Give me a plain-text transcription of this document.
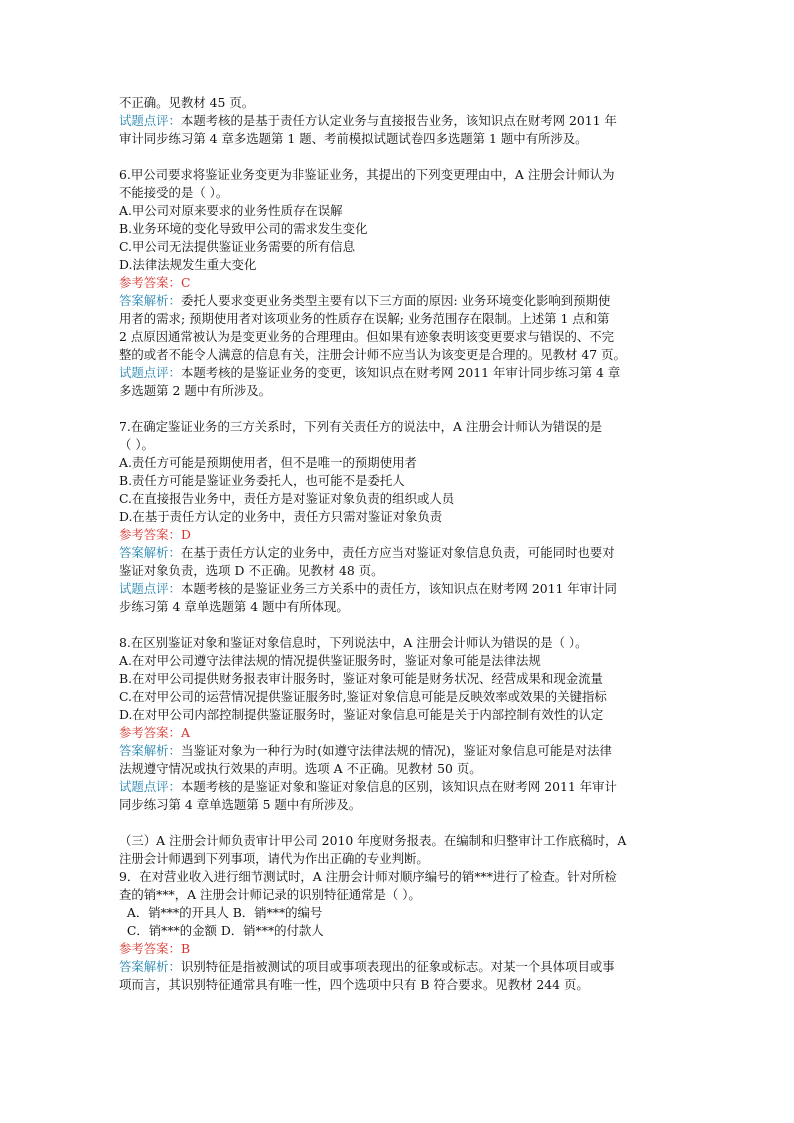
不正确。见教材 45 页。
试题点评：本题考核的是基于责任方认定业务与直接报告业务，该知识点在财考网 2011 年
审计同步练习第 4 章多选题第 1 题、考前模拟试题试卷四多选题第 1 题中有所涉及。
6.甲公司要求将鉴证业务变更为非鉴证业务，其提出的下列变更理由中，A 注册会计师认为
不能接受的是（ ）。
A.甲公司对原来要求的业务性质存在误解
B.业务环境的变化导致甲公司的需求发生变化
C.甲公司无法提供鉴证业务需要的所有信息
D.法律法规发生重大变化
参考答案：C
答案解析：委托人要求变更业务类型主要有以下三方面的原因: 业务环境变化影响到预期使
用者的需求; 预期使用者对该项业务的性质存在误解; 业务范围存在限制。上述第 1 点和第
2 点原因通常被认为是变更业务的合理理由。但如果有迹象表明该变更要求与错误的、不完
整的或者不能令人满意的信息有关，注册会计师不应当认为该变更是合理的。见教材 47 页。
试题点评：本题考核的是鉴证业务的变更，该知识点在财考网 2011 年审计同步练习第 4 章
多选题第 2 题中有所涉及。
7.在确定鉴证业务的三方关系时，下列有关责任方的说法中，A 注册会计师认为错误的是
（ ）。
A.责任方可能是预期使用者，但不是唯一的预期使用者
B.责任方可能是鉴证业务委托人，也可能不是委托人
C.在直接报告业务中，责任方是对鉴证对象负责的组织或人员
D.在基于责任方认定的业务中，责任方只需对鉴证对象负责
参考答案：D
答案解析：在基于责任方认定的业务中，责任方应当对鉴证对象信息负责，可能同时也要对
鉴证对象负责，选项 D 不正确。见教材 48 页。
试题点评：本题考核的是鉴证业务三方关系中的责任方，该知识点在财考网 2011 年审计同
步练习第 4 章单选题第 4 题中有所体现。
8.在区别鉴证对象和鉴证对象信息时，下列说法中，A 注册会计师认为错误的是（ ）。
A.在对甲公司遵守法律法规的情况提供鉴证服务时，鉴证对象可能是法律法规
B.在对甲公司提供财务报表审计服务时，鉴证对象可能是财务状况、经营成果和现金流量
C.在对甲公司的运营情况提供鉴证服务时,鉴证对象信息可能是反映效率或效果的关键指标
D.在对甲公司内部控制提供鉴证服务时，鉴证对象信息可能是关于内部控制有效性的认定
参考答案：A
答案解析：当鉴证对象为一种行为时(如遵守法律法规的情况)，鉴证对象信息可能是对法律
法规遵守情况或执行效果的声明。选项 A 不正确。见教材 50 页。
试题点评：本题考核的是鉴证对象和鉴证对象信息的区别，该知识点在财考网 2011 年审计
同步练习第 4 章单选题第 5 题中有所涉及。
（三）A 注册会计师负责审计甲公司 2010 年度财务报表。在编制和归整审计工作底稿时，A
注册会计师遇到下列事项，请代为作出正确的专业判断。
9．在对营业收入进行细节测试时，A 注册会计师对顺序编号的销***进行了检查。针对所检
查的销***，A 注册会计师记录的识别特征通常是（ ）。
A．销***的开具人 B．销***的编号
C．销***的金额 D．销***的付款人
参考答案：B
答案解析：识别特征是指被测试的项目或事项表现出的征象或标志。对某一个具体项目或事
项而言，其识别特征通常具有唯一性，四个选项中只有 B 符合要求。见教材 244 页。
